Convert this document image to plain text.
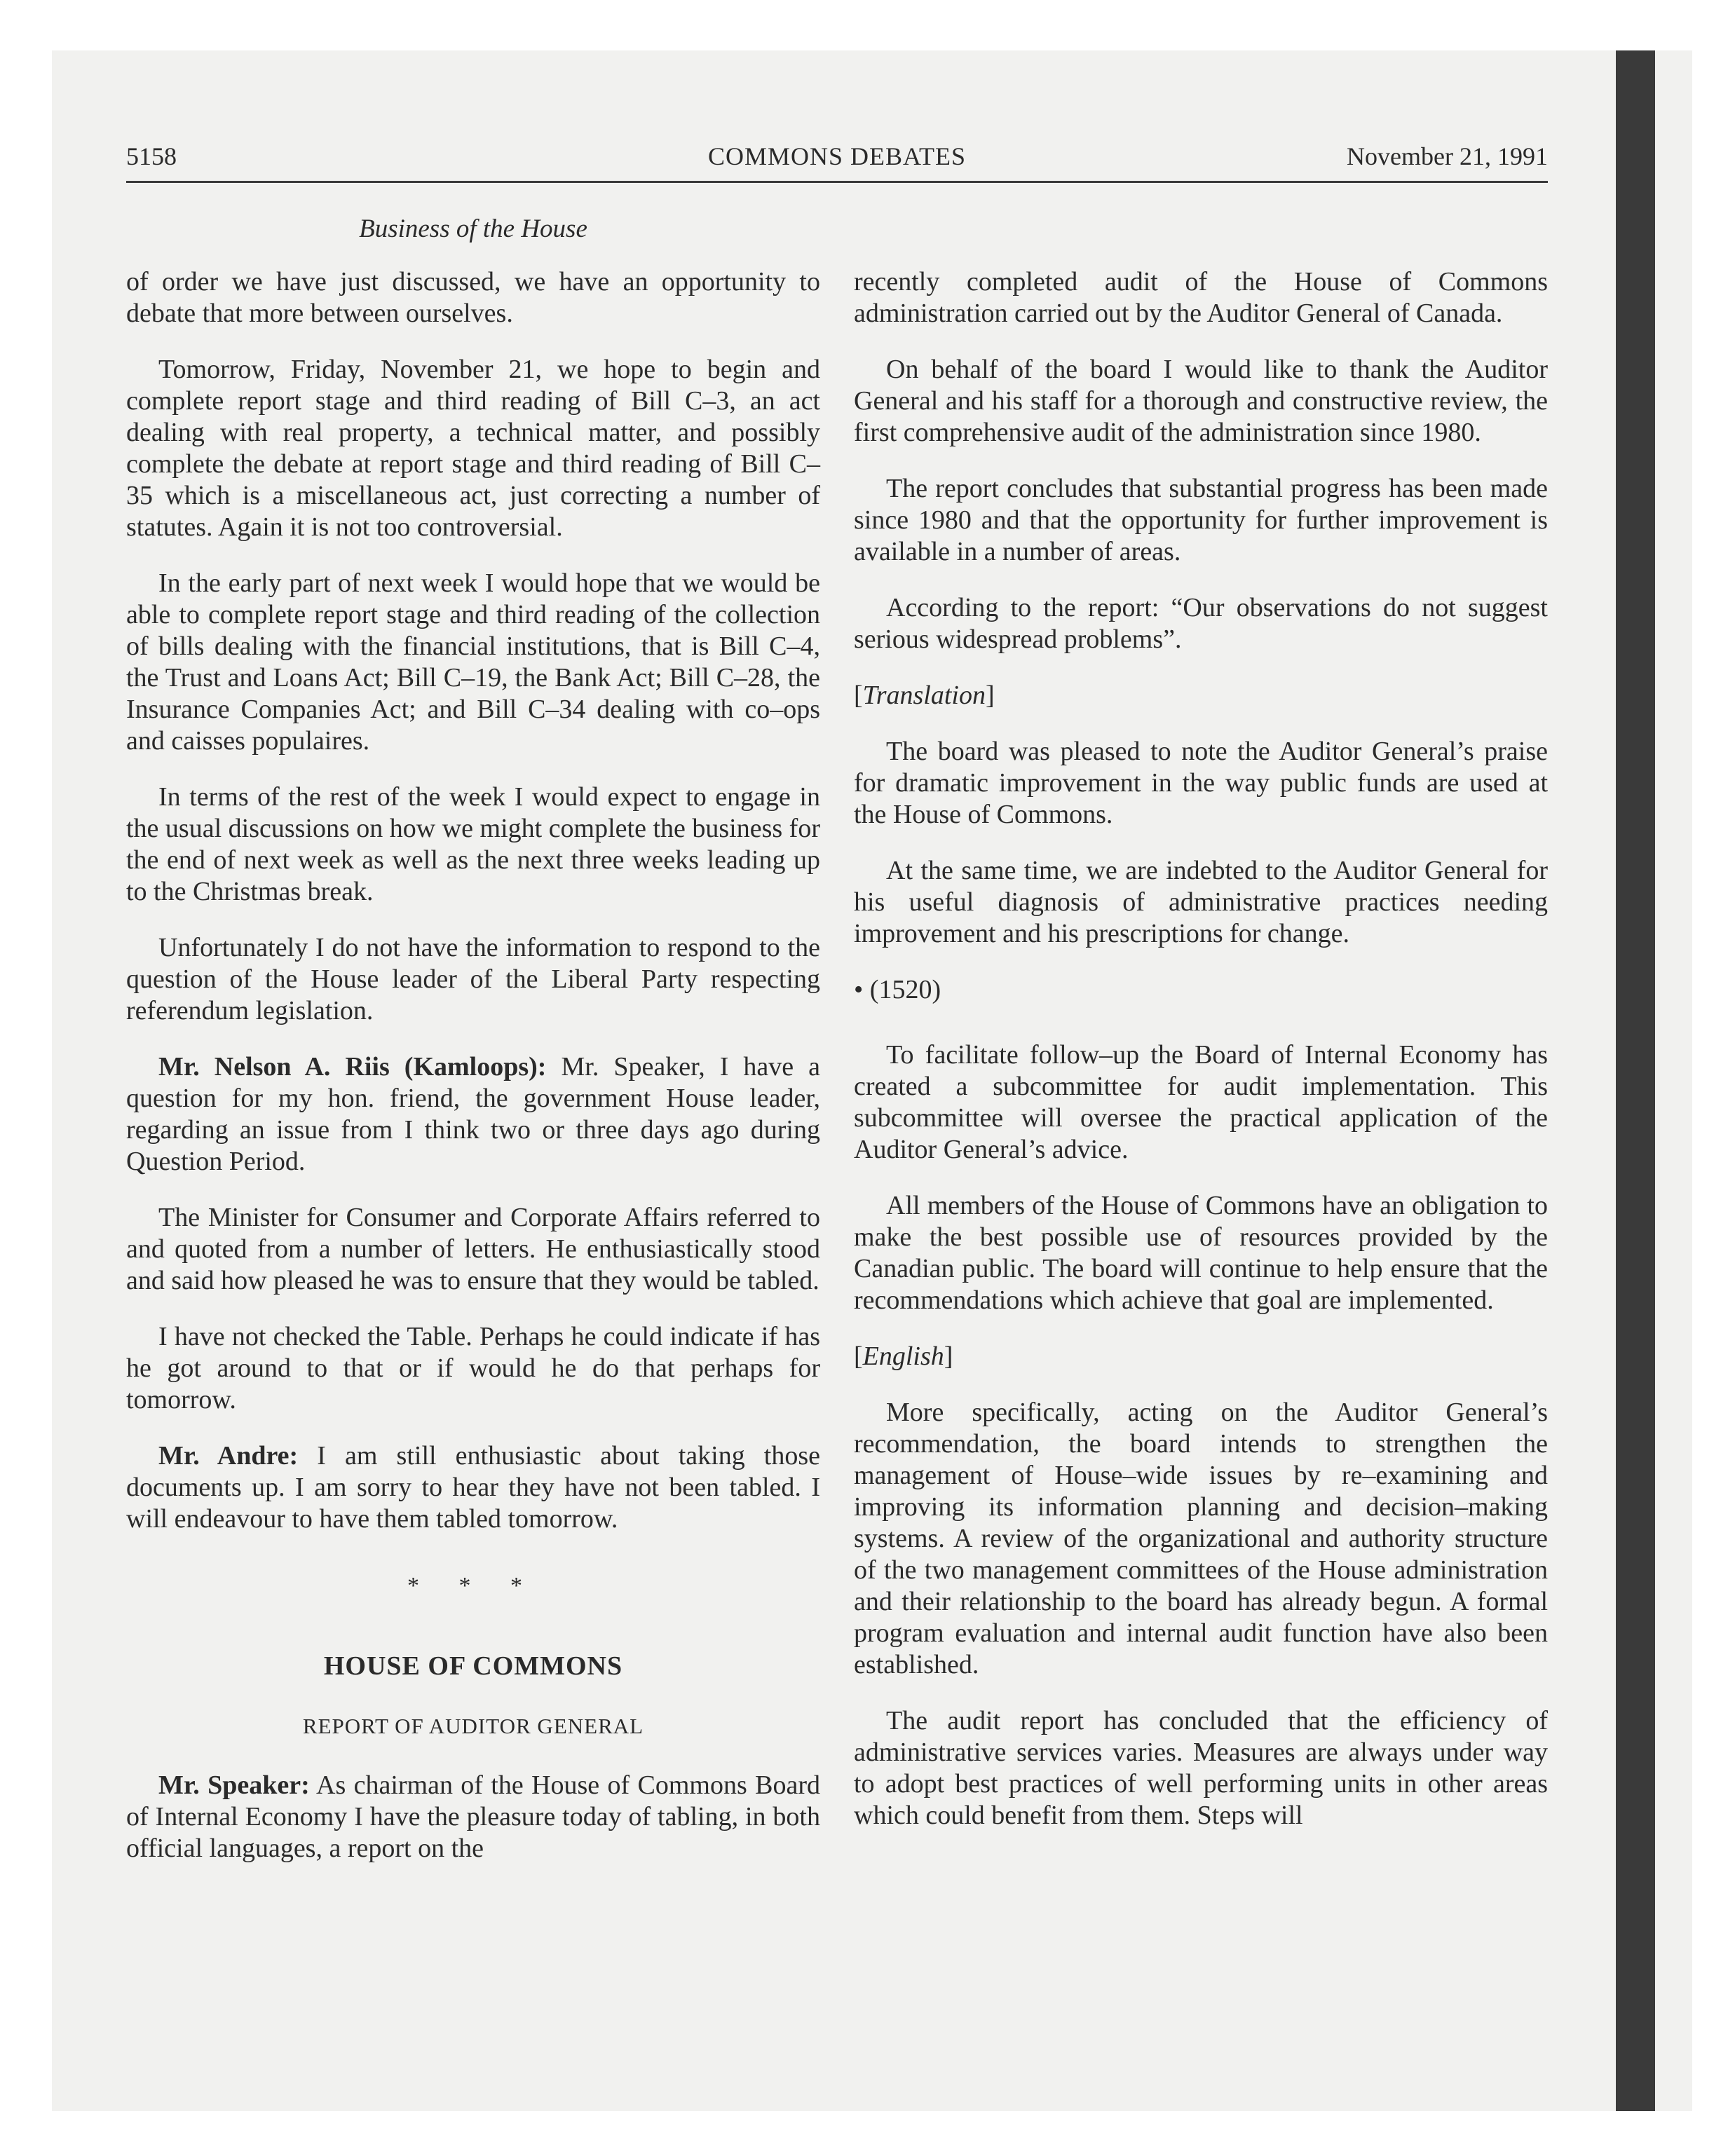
5158	COMMONS DEBATES	November 21, 1991
Business of the House

of order we have just discussed, we have an opportunity to debate that more between ourselves.

Tomorrow, Friday, November 21, we hope to begin and complete report stage and third reading of Bill C–3, an act dealing with real property, a technical matter, and possibly complete the debate at report stage and third reading of Bill C–35 which is a miscellaneous act, just correcting a number of statutes. Again it is not too controversial.

In the early part of next week I would hope that we would be able to complete report stage and third reading of the collection of bills dealing with the financial institutions, that is Bill C–4, the Trust and Loans Act; Bill C–19, the Bank Act; Bill C–28, the Insurance Companies Act; and Bill C–34 dealing with co–ops and caisses populaires.

In terms of the rest of the week I would expect to engage in the usual discussions on how we might complete the business for the end of next week as well as the next three weeks leading up to the Christmas break.

Unfortunately I do not have the information to respond to the question of the House leader of the Liberal Party respecting referendum legislation.

Mr. Nelson A. Riis (Kamloops): Mr. Speaker, I have a question for my hon. friend, the government House leader, regarding an issue from I think two or three days ago during Question Period.

The Minister for Consumer and Corporate Affairs referred to and quoted from a number of letters. He enthusiastically stood and said how pleased he was to ensure that they would be tabled.

I have not checked the Table. Perhaps he could indicate if has he got around to that or if would he do that perhaps for tomorrow.

Mr. Andre: I am still enthusiastic about taking those documents up. I am sorry to hear they have not been tabled. I will endeavour to have them tabled tomorrow.

* * *
HOUSE OF COMMONS
REPORT OF AUDITOR GENERAL

Mr. Speaker: As chairman of the House of Commons Board of Internal Economy I have the pleasure today of tabling, in both official languages, a report on the

recently completed audit of the House of Commons administration carried out by the Auditor General of Canada.

On behalf of the board I would like to thank the Auditor General and his staff for a thorough and constructive review, the first comprehensive audit of the administration since 1980.

The report concludes that substantial progress has been made since 1980 and that the opportunity for further improvement is available in a number of areas.

According to the report: “Our observations do not suggest serious widespread problems”.

[Translation]

The board was pleased to note the Auditor General’s praise for dramatic improvement in the way public funds are used at the House of Commons.

At the same time, we are indebted to the Auditor General for his useful diagnosis of administrative practices needing improvement and his prescriptions for change.

• (1520)

To facilitate follow–up the Board of Internal Economy has created a subcommittee for audit implementation. This subcommittee will oversee the practical application of the Auditor General’s advice.

All members of the House of Commons have an obligation to make the best possible use of resources provided by the Canadian public. The board will continue to help ensure that the recommendations which achieve that goal are implemented.

[English]

More specifically, acting on the Auditor General’s recommendation, the board intends to strengthen the management of House–wide issues by re–examining and improving its information planning and decision–making systems. A review of the organizational and authority structure of the two management committees of the House administration and their relationship to the board has already begun. A formal program evaluation and internal audit function have also been established.

The audit report has concluded that the efficiency of administrative services varies. Measures are always under way to adopt best practices of well performing units in other areas which could benefit from them. Steps will
